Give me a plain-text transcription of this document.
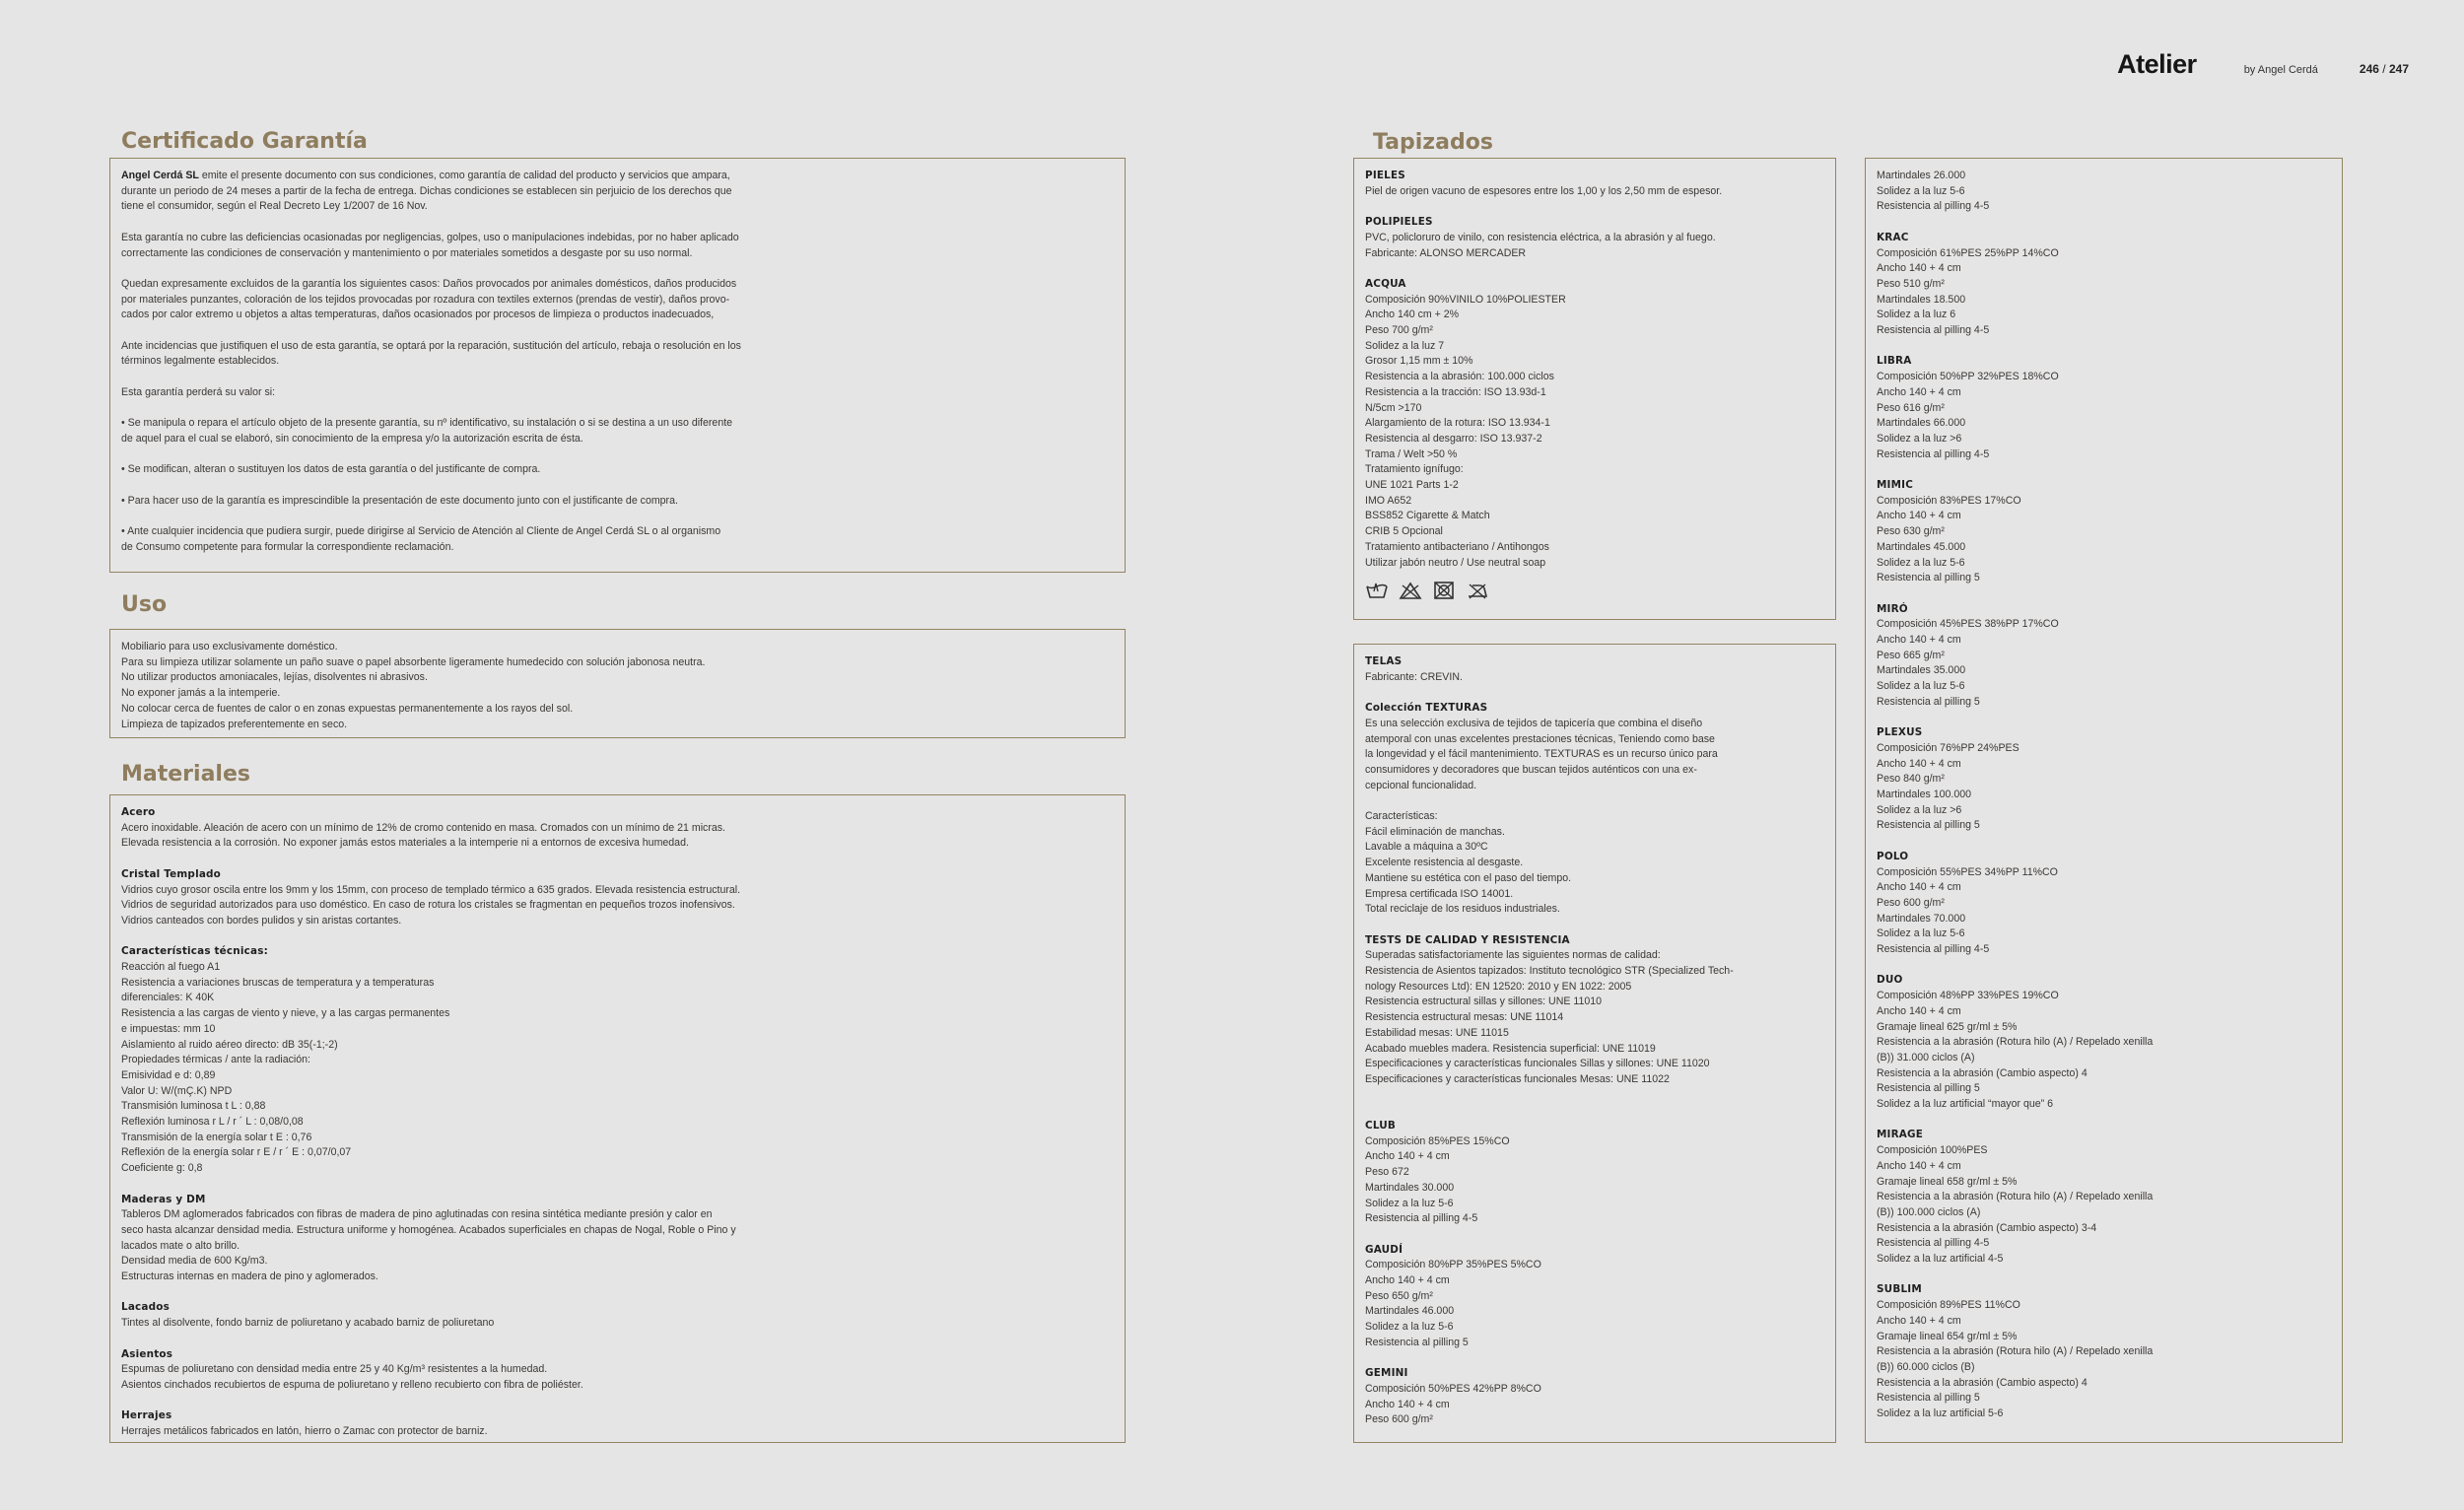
Atelier	by Angel Cerdá	246 / 247
Certificado Garantía

Angel Cerdá SL emite el presente documento con sus condiciones, como garantía de calidad del producto y servicios que ampara,

durante un periodo de 24 meses a partir de la fecha de entrega. Dichas condiciones se establecen sin perjuicio de los derechos que

tiene el consumidor, según el Real Decreto Ley 1/2007 de 16 Nov.

Esta garantía no cubre las deficiencias ocasionadas por negligencias, golpes, uso o manipulaciones indebidas, por no haber aplicado

correctamente las condiciones de conservación y mantenimiento o por materiales sometidos a desgaste por su uso normal.

Quedan expresamente excluidos de la garantía los siguientes casos: Daños provocados por animales domésticos, daños producidos

por materiales punzantes, coloración de los tejidos provocadas por rozadura con textiles externos (prendas de vestir), daños provo-

cados por calor extremo u objetos a altas temperaturas, daños ocasionados por procesos de limpieza o productos inadecuados,

Ante incidencias que justifiquen el uso de esta garantía, se optará por la reparación, sustitución del artículo, rebaja o resolución en los

términos legalmente establecidos.

Esta garantía perderá su valor si:

• Se manipula o repara el artículo objeto de la presente garantía, su nº identificativo, su instalación o si se destina a un uso diferente

de aquel para el cual se elaboró, sin conocimiento de la empresa y/o la autorización escrita de ésta.

• Se modifican, alteran o sustituyen los datos de esta garantía o del justificante de compra.

• Para hacer uso de la garantía es imprescindible la presentación de este documento junto con el justificante de compra.

• Ante cualquier incidencia que pudiera surgir, puede dirigirse al Servicio de Atención al Cliente de Angel Cerdá SL o al organismo

de Consumo competente para formular la correspondiente reclamación.

Uso

Mobiliario para uso exclusivamente doméstico.

Para su limpieza utilizar solamente un paño suave o papel absorbente ligeramente humedecido con solución jabonosa neutra.

No utilizar productos amoniacales, lejías, disolventes ni abrasivos.

No exponer jamás a la intemperie.

No colocar cerca de fuentes de calor o en zonas expuestas permanentemente a los rayos del sol.

Limpieza de tapizados preferentemente en seco.

Materiales

Acero

Acero inoxidable. Aleación de acero con un mínimo de 12% de cromo contenido en masa. Cromados con un mínimo de 21 micras.

Elevada resistencia a la corrosión. No exponer jamás estos materiales a la intemperie ni a entornos de excesiva humedad.

Cristal Templado

Vidrios cuyo grosor oscila entre los 9mm y los 15mm, con proceso de templado térmico a 635 grados. Elevada resistencia estructural.

Vidrios de seguridad autorizados para uso doméstico. En caso de rotura los cristales se fragmentan en pequeños trozos inofensivos.

Vidrios canteados con bordes pulidos y sin aristas cortantes.

Características técnicas:

Reacción al fuego A1

Resistencia a variaciones bruscas de temperatura y a temperaturas

diferenciales: K 40K

Resistencia a las cargas de viento y nieve, y a las cargas permanentes

e impuestas: mm 10

Aislamiento al ruido aéreo directo: dB 35(-1;-2)

Propiedades térmicas / ante la radiación:

Emisividad e d: 0,89

Valor U: W/(mÇ.K) NPD

Transmisión luminosa t L : 0,88

Reflexión luminosa r L / r ´ L : 0,08/0,08

Transmisión de la energía solar t E : 0,76

Reflexión de la energía solar r E / r ´ E : 0,07/0,07

Coeficiente g: 0,8

Maderas y DM

Tableros DM aglomerados fabricados con fibras de madera de pino aglutinadas con resina sintética mediante presión y calor en

seco hasta alcanzar densidad media. Estructura uniforme y homogénea. Acabados superficiales en chapas de Nogal, Roble o Pino y

lacados mate o alto brillo.

Densidad media de 600 Kg/m3.

Estructuras internas en madera de pino y aglomerados.

Lacados

Tintes al disolvente, fondo barniz de poliuretano y acabado barniz de poliuretano

Asientos

Espumas de poliuretano con densidad media entre 25 y 40 Kg/m³ resistentes a la humedad.

Asientos cinchados recubiertos de espuma de poliuretano y relleno recubierto con fibra de poliéster.

Herrajes

Herrajes metálicos fabricados en latón, hierro o Zamac con protector de barniz.

Tapizados

PIELES

Piel de origen vacuno de espesores entre los 1,00 y los 2,50 mm de espesor.

POLIPIELES

PVC, policloruro de vinilo, con resistencia eléctrica, a la abrasión y al fuego.

Fabricante: ALONSO MERCADER

ACQUA

Composición 90%VINILO 10%POLIESTER

Ancho 140 cm + 2%

Peso 700 g/m²

Solidez a la luz 7

Grosor 1,15 mm ± 10%

Resistencia a la abrasión: 100.000 ciclos

Resistencia a la tracción: ISO 13.93d-1

N/5cm >170

Alargamiento de la rotura: ISO 13.934-1

Resistencia al desgarro: ISO 13.937-2

Trama / Welt >50 %

Tratamiento ignífugo:

UNE 1021 Parts 1-2

IMO A652

BSS852 Cigarette & Match

CRIB 5 Opcional

Tratamiento antibacteriano / Antihongos

Utilizar jabón neutro / Use neutral soap

TELAS

Fabricante: CREVIN.

Colección TEXTURAS

Es una selección exclusiva de tejidos de tapicería que combina el diseño

atemporal con unas excelentes prestaciones técnicas, Teniendo como base

la longevidad y el fácil mantenimiento. TEXTURAS es un recurso único para

consumidores y decoradores que buscan tejidos auténticos con una ex-

cepcional funcionalidad.

Características:

Fácil eliminación de manchas.

Lavable a máquina a 30ºC

Excelente resistencia al desgaste.

Mantiene su estética con el paso del tiempo.

Empresa certificada ISO 14001.

Total reciclaje de los residuos industriales.

TESTS DE CALIDAD Y RESISTENCIA

Superadas satisfactoriamente las siguientes normas de calidad:

Resistencia de Asientos tapizados: Instituto tecnológico STR (Specialized Tech-

nology Resources Ltd): EN 12520: 2010 y EN 1022: 2005

Resistencia estructural sillas y sillones: UNE 11010

Resistencia estructural mesas: UNE 11014

Estabilidad mesas: UNE 11015

Acabado muebles madera. Resistencia superficial: UNE 11019

Especificaciones y características funcionales Sillas y sillones: UNE 11020

Especificaciones y características funcionales Mesas: UNE 11022

CLUB

Composición 85%PES 15%CO

Ancho 140 + 4 cm

Peso 672

Martindales 30.000

Solidez a la luz 5-6

Resistencia al pilling 4-5

GAUDÍ

Composición 80%PP 35%PES 5%CO

Ancho 140 + 4 cm

Peso 650 g/m²

Martindales 46.000

Solidez a la luz 5-6

Resistencia al pilling 5

GEMINI

Composición 50%PES 42%PP 8%CO

Ancho 140 + 4 cm

Peso 600 g/m²

Martindales 26.000

Solidez a la luz 5-6

Resistencia al pilling 4-5

KRAC

Composición 61%PES 25%PP 14%CO

Ancho 140 + 4 cm

Peso 510 g/m²

Martindales 18.500

Solidez a la luz 6

Resistencia al pilling 4-5

LIBRA

Composición 50%PP 32%PES 18%CO

Ancho 140 + 4 cm

Peso 616 g/m²

Martindales 66.000

Solidez a la luz >6

Resistencia al pilling 4-5

MIMIC

Composición 83%PES 17%CO

Ancho 140 + 4 cm

Peso 630 g/m²

Martindales 45.000

Solidez a la luz 5-6

Resistencia al pilling 5

MIRÓ

Composición 45%PES 38%PP 17%CO

Ancho 140 + 4 cm

Peso 665 g/m²

Martindales 35.000

Solidez a la luz 5-6

Resistencia al pilling 5

PLEXUS

Composición 76%PP 24%PES

Ancho 140 + 4 cm

Peso 840 g/m²

Martindales 100.000

Solidez a la luz >6

Resistencia al pilling 5

POLO

Composición 55%PES 34%PP 11%CO

Ancho 140 + 4 cm

Peso 600 g/m²

Martindales 70.000

Solidez a la luz 5-6

Resistencia al pilling 4-5

DUO

Composición 48%PP 33%PES 19%CO

Ancho 140 + 4 cm

Gramaje lineal 625 gr/ml ± 5%

Resistencia a la abrasión (Rotura hilo (A) / Repelado xenilla

(B)) 31.000 ciclos (A)

Resistencia a la abrasión (Cambio aspecto) 4

Resistencia al pilling 5

Solidez a la luz artificial “mayor que” 6

MIRAGE

Composición 100%PES

Ancho 140 + 4 cm

Gramaje lineal 658 gr/ml ± 5%

Resistencia a la abrasión (Rotura hilo (A) / Repelado xenilla

(B)) 100.000 ciclos (A)

Resistencia a la abrasión (Cambio aspecto) 3-4

Resistencia al pilling 4-5

Solidez a la luz artificial 4-5

SUBLIM

Composición 89%PES 11%CO

Ancho 140 + 4 cm

Gramaje lineal 654 gr/ml ± 5%

Resistencia a la abrasión (Rotura hilo (A) / Repelado xenilla

(B)) 60.000 ciclos (B)

Resistencia a la abrasión (Cambio aspecto) 4

Resistencia al pilling 5

Solidez a la luz artificial 5-6
